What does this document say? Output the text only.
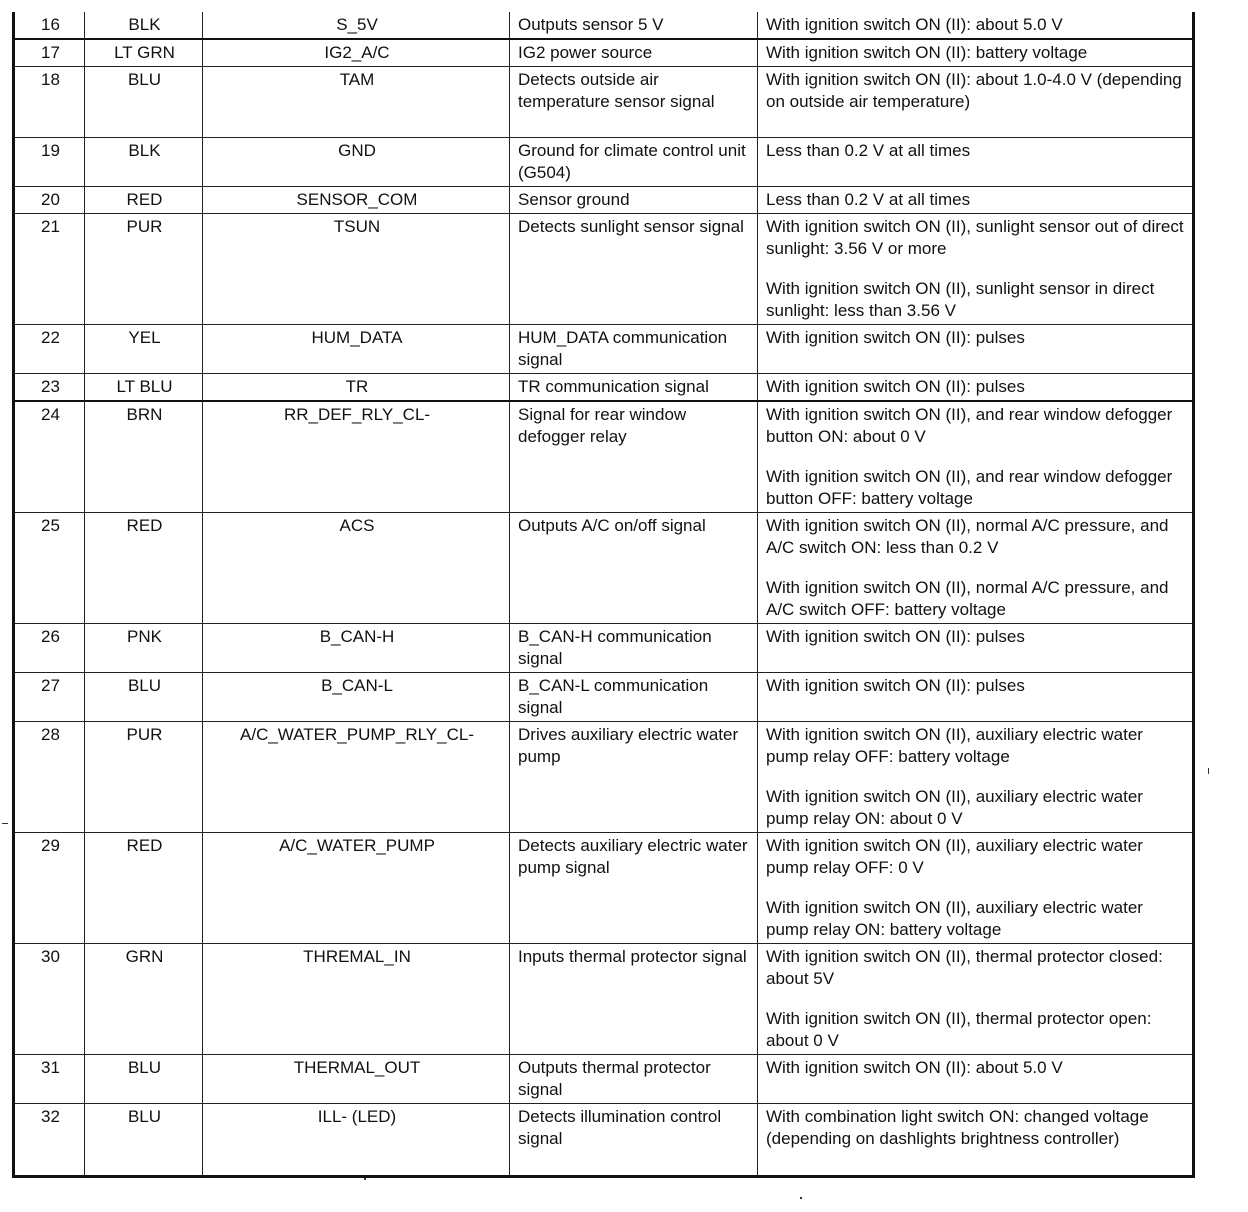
16	BLK	S_5V	Outputs sensor 5 V	With ignition switch ON (II): about 5.0 V

17	LT GRN	IG2_A/C	IG2 power source	With ignition switch ON (II): battery voltage

18	BLU	TAM	Detects outside air temperature sensor signal	With ignition switch ON (II): about 1.0-4.0 V (depending on outside air temperature)

19	BLK	GND	Ground for climate control unit (G504)	Less than 0.2 V at all times

20	RED	SENSOR_COM	Sensor ground	Less than 0.2 V at all times

21	PUR	TSUN	Detects sunlight sensor signal	With ignition switch ON (II), sunlight sensor out of direct sunlight: 3.56 V or more
With ignition switch ON (II), sunlight sensor in direct sunlight: less than 3.56 V

22	YEL	HUM_DATA	HUM_DATA communication signal	With ignition switch ON (II): pulses

23	LT BLU	TR	TR communication signal	With ignition switch ON (II): pulses

24	BRN	RR_DEF_RLY_CL-	Signal for rear window defogger relay	With ignition switch ON (II), and rear window defogger button ON: about 0 V
With ignition switch ON (II), and rear window defogger button OFF: battery voltage

25	RED	ACS	Outputs A/C on/off signal	With ignition switch ON (II), normal A/C pressure, and A/C switch ON: less than 0.2 V
With ignition switch ON (II), normal A/C pressure, and A/C switch OFF: battery voltage

26	PNK	B_CAN-H	B_CAN-H communication signal	With ignition switch ON (II): pulses

27	BLU	B_CAN-L	B_CAN-L communication signal	With ignition switch ON (II): pulses

28	PUR	A/C_WATER_PUMP_RLY_CL-	Drives auxiliary electric water pump	With ignition switch ON (II), auxiliary electric water pump relay OFF: battery voltage
With ignition switch ON (II), auxiliary electric water pump relay ON: about 0 V

29	RED	A/C_WATER_PUMP	Detects auxiliary electric water pump signal	With ignition switch ON (II), auxiliary electric water pump relay OFF: 0 V
With ignition switch ON (II), auxiliary electric water pump relay ON: battery voltage

30	GRN	THREMAL_IN	Inputs thermal protector signal	With ignition switch ON (II), thermal protector closed: about 5V
With ignition switch ON (II), thermal protector open: about 0 V

31	BLU	THERMAL_OUT	Outputs thermal protector signal	With ignition switch ON (II): about 5.0 V

32	BLU	ILL- (LED)	Detects illumination control signal	With combination light switch ON: changed voltage (depending on dashlights brightness controller)
